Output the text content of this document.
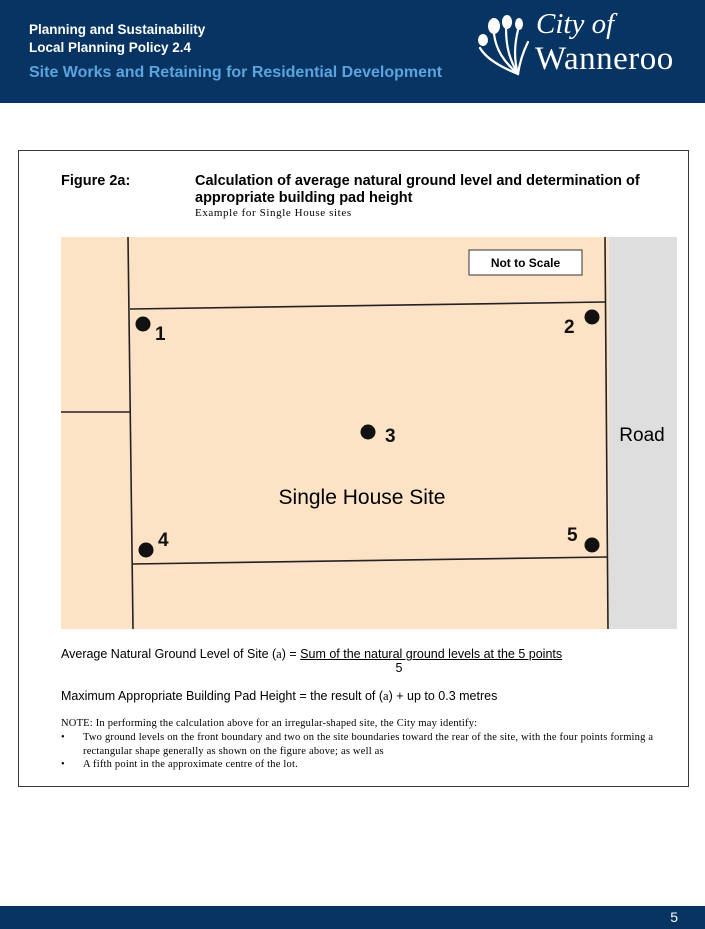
Planning and Sustainability
Local Planning Policy 2.4
Site Works and Retaining for Residential Development
City of
Wanneroo
Figure 2a:	Calculation of average natural ground level and determination of appropriate building pad height
Example for Single House sites
Not to Scale
Road
Single House Site
1	2
3
4	5
Average Natural Ground Level of Site (a) = Sum of the natural ground levels at the 5 points
5
Maximum Appropriate Building Pad Height = the result of (a) + up to 0.3 metres
NOTE: In performing the calculation above for an irregular-shaped site, the City may identify:
• Two ground levels on the front boundary and two on the site boundaries toward the rear of the site, with the four points forming a rectangular shape generally as shown on the figure above; as well as
• A fifth point in the approximate centre of the lot.
5
